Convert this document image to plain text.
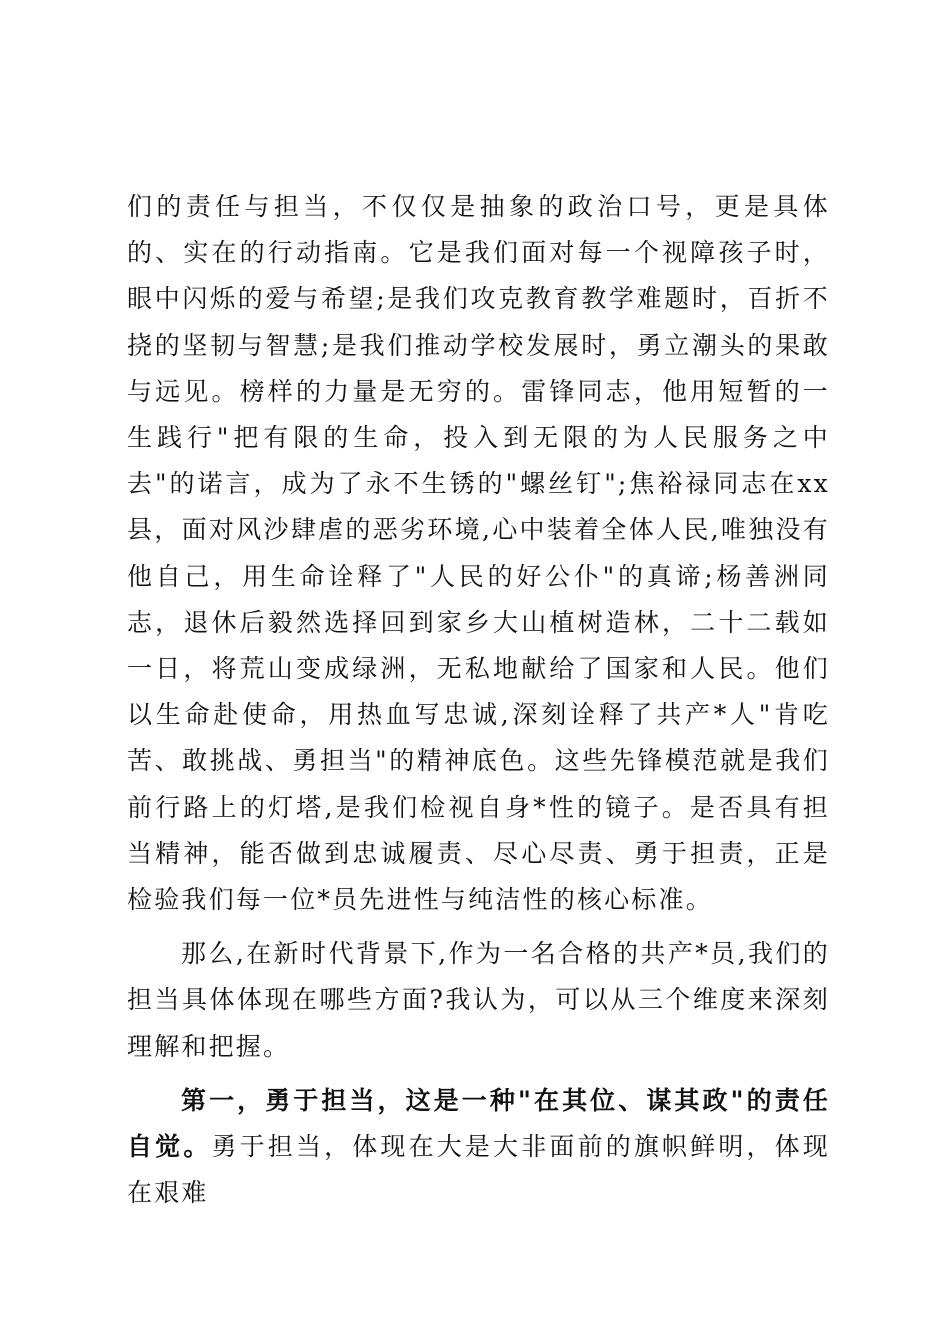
们的责任与担当，不仅仅是抽象的政治口号，更是具体的、实在的行动指南。它是我们面对每一个视障孩子时，眼中闪烁的爱与希望;是我们攻克教育教学难题时，百折不挠的坚韧与智慧;是我们推动学校发展时，勇立潮头的果敢与远见。榜样的力量是无穷的。雷锋同志，他用短暂的一生践行"把有限的生命，投入到无限的为人民服务之中去"的诺言，成为了永不生锈的"螺丝钉";焦裕禄同志在xx县，面对风沙肆虐的恶劣环境,心中装着全体人民,唯独没有他自己，用生命诠释了"人民的好公仆"的真谛;杨善洲同志，退休后毅然选择回到家乡大山植树造林，二十二载如一日，将荒山变成绿洲，无私地献给了国家和人民。他们以生命赴使命，用热血写忠诚,深刻诠释了共产*人"肯吃苦、敢挑战、勇担当"的精神底色。这些先锋模范就是我们前行路上的灯塔,是我们检视自身*性的镜子。是否具有担当精神，能否做到忠诚履责、尽心尽责、勇于担责，正是检验我们每一位*员先进性与纯洁性的核心标准。

那么,在新时代背景下,作为一名合格的共产*员,我们的担当具体体现在哪些方面?我认为，可以从三个维度来深刻理解和把握。

第一，勇于担当，这是一种"在其位、谋其政"的责任自觉。勇于担当，体现在大是大非面前的旗帜鲜明，体现在艰难
